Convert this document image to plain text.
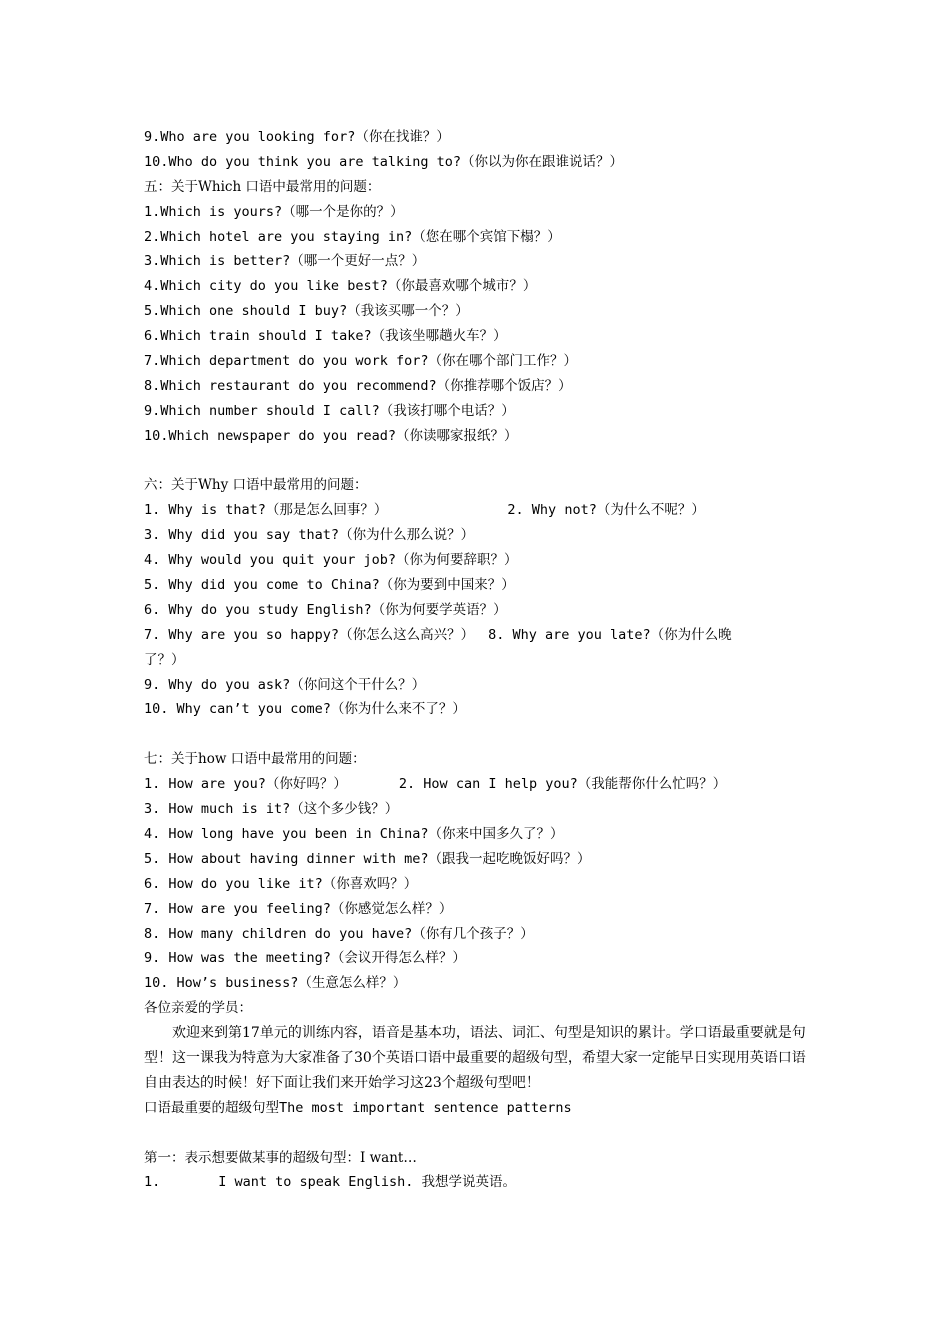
9.Who are you looking for?（你在找谁？）
10.Who do you think you are talking to?（你以为你在跟谁说话？）
五：关于Which 口语中最常用的问题：
1.Which is yours?（哪一个是你的？）
2.Which hotel are you staying in?（您在哪个宾馆下榻？）
3.Which is better?（哪一个更好一点？）
4.Which city do you like best?（你最喜欢哪个城市？）
5.Which one should I buy?（我该买哪一个？）
6.Which train should I take?（我该坐哪趟火车？）
7.Which department do you work for?（你在哪个部门工作？）
8.Which restaurant do you recommend?（你推荐哪个饭店？）
9.Which number should I call?（我该打哪个电话？）
10.Which newspaper do you read?（你读哪家报纸？）
六：关于Why 口语中最常用的问题：
1. Why is that?（那是怎么回事？）	2. Why not?（为什么不呢？）
3. Why did you say that?（你为什么那么说？）
4. Why would you quit your job?（你为何要辞职？）
5. Why did you come to China?（你为要到中国来？）
6. Why do you study English?（你为何要学英语？）
7. Why are you so happy?（你怎么这么高兴？） 8. Why are you late?（你为什么晚
了？）
9. Why do you ask?（你问这个干什么？）
10. Why can’t you come?（你为什么来不了？）
七：关于how 口语中最常用的问题：
1. How are you?（你好吗？）	2. How can I help you?（我能帮你什么忙吗？）
3. How much is it?（这个多少钱？）
4. How long have you been in China?（你来中国多久了？）
5. How about having dinner with me?（跟我一起吃晚饭好吗？）
6. How do you like it?（你喜欢吗？）
7. How are you feeling?（你感觉怎么样？）
8. How many children do you have?（你有几个孩子？）
9. How was the meeting?（会议开得怎么样？）
10. How’s business?（生意怎么样？）
各位亲爱的学员：
欢迎来到第17单元的训练内容，语音是基本功，语法、词汇、句型是知识的累计。学口语最重要就是句型！这一课我为特意为大家准备了30个英语口语中最重要的超级句型，希望大家一定能早日实现用英语口语自由表达的时候！好下面让我们来开始学习这23个超级句型吧！
口语最重要的超级句型The most important sentence patterns
第一：表示想要做某事的超级句型：I want…
1.	I want to speak English. 我想学说英语。
